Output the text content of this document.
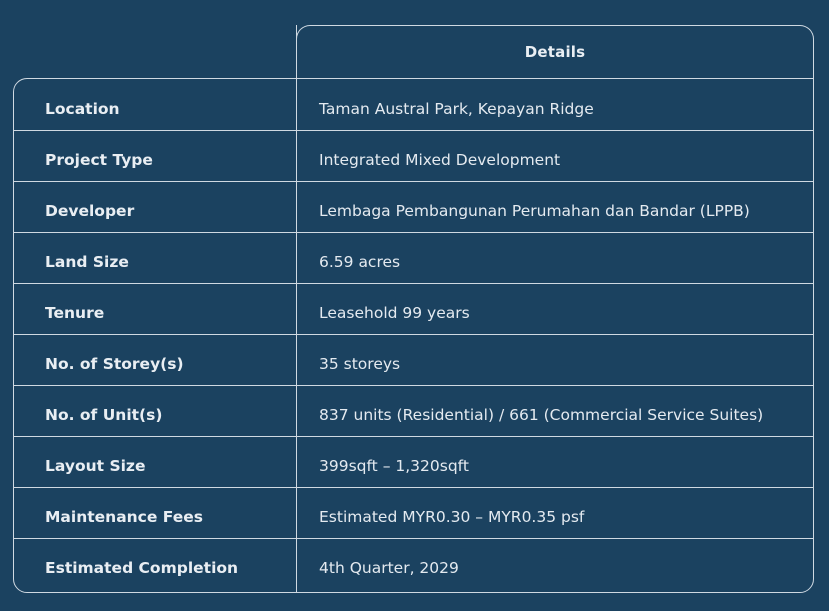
Details
Location	Taman Austral Park, Kepayan Ridge
Project Type	Integrated Mixed Development
Developer	Lembaga Pembangunan Perumahan dan Bandar (LPPB)
Land Size	6.59 acres
Tenure	Leasehold 99 years
No. of Storey(s)	35 storeys
No. of Unit(s)	837 units (Residential) / 661 (Commercial Service Suites)
Layout Size	399sqft – 1,320sqft
Maintenance Fees	Estimated MYR0.30 – MYR0.35 psf
Estimated Completion	4th Quarter, 2029
